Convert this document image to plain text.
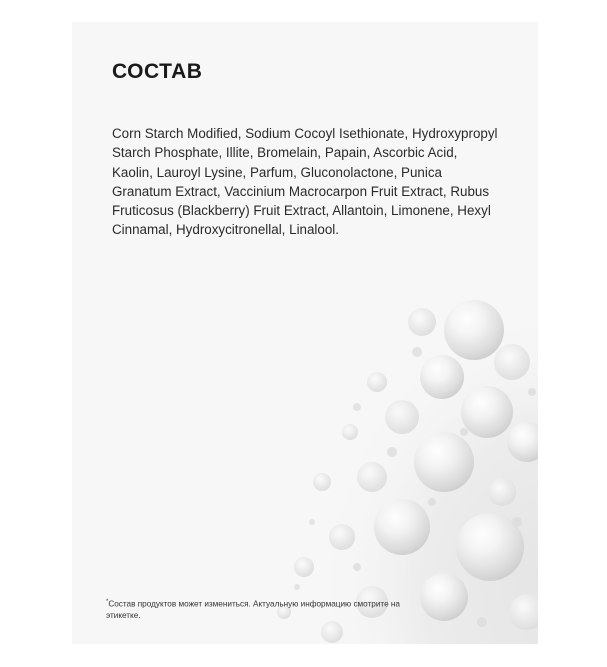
СОСТАВ

Corn Starch Modified, Sodium Cocoyl Isethionate, Hydroxypropyl Starch Phosphate, Illite, Bromelain, Papain, Ascorbic Acid, Kaolin, Lauroyl Lysine, Parfum, Gluconolactone, Punica Granatum Extract, Vaccinium Macrocarpon Fruit Extract, Rubus Fruticosus (Blackberry) Fruit Extract, Allantoin, Limonene, Hexyl Cinnamal, Hydroxycitronellal, Linalool.

*Состав продуктов может измениться. Актуальную информацию смотрите на этикетке.
